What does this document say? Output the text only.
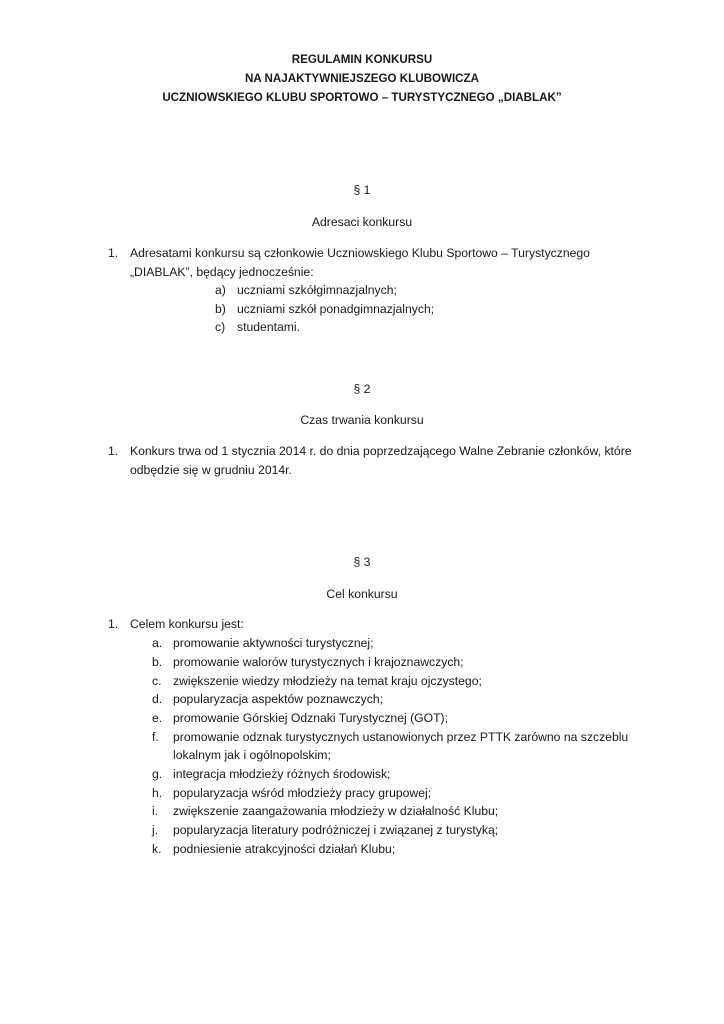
REGULAMIN KONKURSU
NA NAJAKTYWNIEJSZEGO KLUBOWICZA
UCZNIOWSKIEGO KLUBU SPORTOWO – TURYSTYCZNEGO „DIABLAK”
§ 1
Adresaci konkursu
1. Adresatami konkursu są członkowie Uczniowskiego Klubu Sportowo – Turystycznego
„DIABLAK”, będący jednocześnie:
a) uczniami szkółgimnazjalnych;
b) uczniami szkół ponadgimnazjalnych;
c) studentami.
§ 2
Czas trwania konkursu
1. Konkurs trwa od 1 stycznia 2014 r. do dnia poprzedzającego Walne Zebranie członków, które
odbędzie się w grudniu 2014r.
§ 3
Cel konkursu
1. Celem konkursu jest:
a. promowanie aktywności turystycznej;
b. promowanie walorów turystycznych i krajoznawczych;
c. zwiększenie wiedzy młodzieży na temat kraju ojczystego;
d. popularyzacja aspektów poznawczych;
e. promowanie Górskiej Odznaki Turystycznej (GOT);
f. promowanie odznak turystycznych ustanowionych przez PTTK zarówno na szczeblu
lokalnym jak i ogólnopolskim;
g. integracja młodzieży różnych środowisk;
h. popularyzacja wśród młodzieży pracy grupowej;
i. zwiększenie zaangażowania młodzieży w działalność Klubu;
j. popularyzacja literatury podróżniczej i związanej z turystyką;
k. podniesienie atrakcyjności działań Klubu;
